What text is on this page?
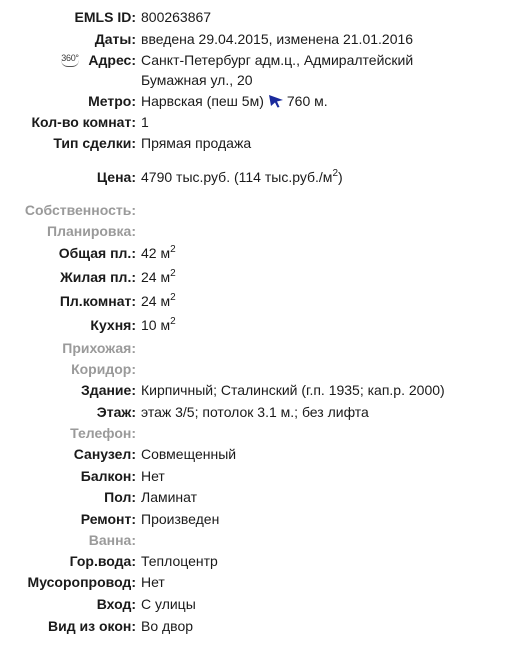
EMLS ID: 800263867
Даты: введена 29.04.2015, изменена 21.01.2016
360° Адрес: Санкт-Петербург адм.ц., Адмиралтейский
Бумажная ул., 20
Метро: Нарвская (пеш 5м) 760 м.
Кол-во комнат: 1
Тип сделки: Прямая продажа
Цена: 4790 тыс.руб. (114 $тыс.руб./м^2$)
Собственность:
Планировка:
Общая пл.: 42 $м^2$
Жилая пл.: 24 $м^2$
Пл.комнат: 24 $м^2$
Кухня: 10 $м^2$
Прихожая:
Коридор:
Здание: Кирпичный; Сталинский (г.п. 1935; кап.р. 2000)
Этаж: этаж 3/5; потолок 3.1 м.; без лифта
Телефон:
Санузел: Совмещенный
Балкон: Нет
Пол: Ламинат
Ремонт: Произведен
Ванна:
Гор.вода: Теплоцентр
Мусоропровод: Нет
Вход: С улицы
Вид из окон: Во двор
